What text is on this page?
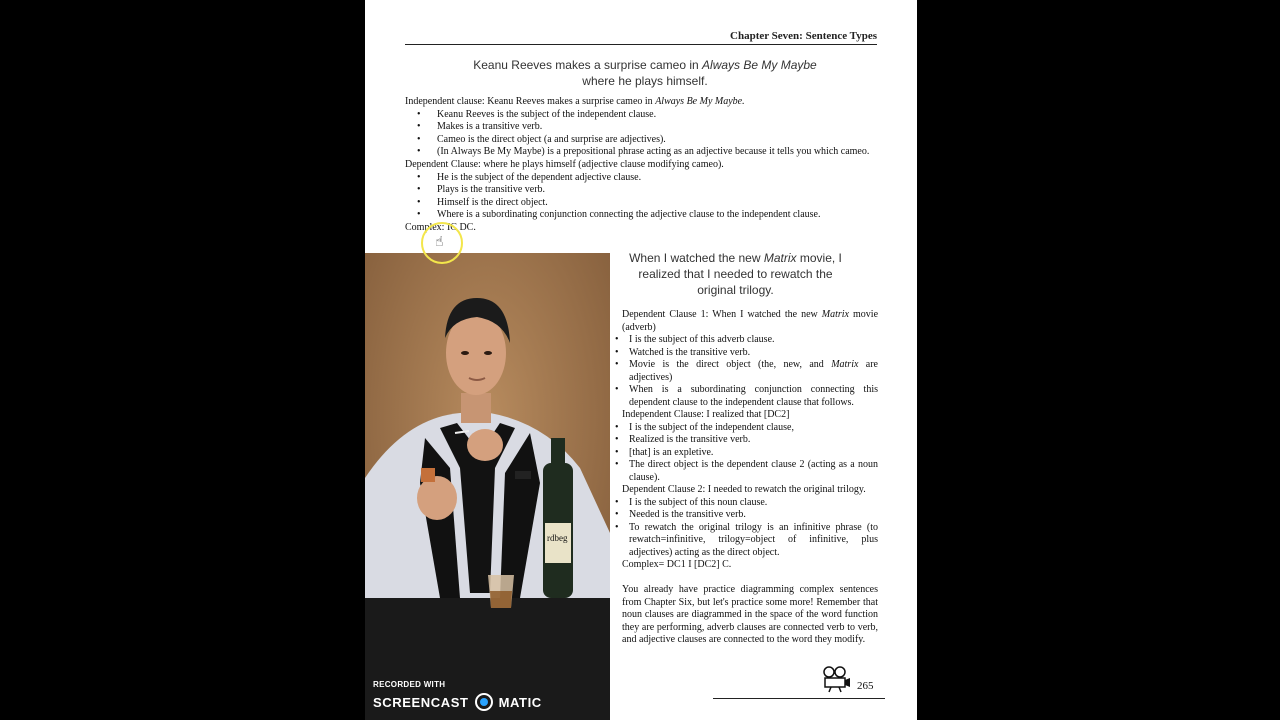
Chapter Seven: Sentence Types
Keanu Reeves makes a surprise cameo in Always Be My Maybe where he plays himself.
Independent clause: Keanu Reeves makes a surprise cameo in Always Be My Maybe.
•	Keanu Reeves is the subject of the independent clause.
•	Makes is a transitive verb.
•	Cameo is the direct object (a and surprise are adjectives).
•	(In Always Be My Maybe) is a prepositional phrase acting as an adjective because it tells you which cameo.
Dependent Clause: where he plays himself (adjective clause modifying cameo).
•	He is the subject of the dependent adjective clause.
•	Plays is the transitive verb.
•	Himself is the direct object.
•	Where is a subordinating conjunction connecting the adjective clause to the independent clause.
Complex: IC DC.
rdbeg
When I watched the new Matrix movie, I realized that I needed to rewatch the original trilogy.
Dependent Clause 1: When I watched the new Matrix movie (adverb)
•	I is the subject of this adverb clause.
•	Watched is the transitive verb.
•	Movie is the direct object (the, new, and Matrix are adjectives)
•	When is a subordinating conjunction connecting this dependent clause to the independent clause that follows.
Independent Clause: I realized that [DC2]
•	I is the subject of the independent clause,
•	Realized is the transitive verb.
•	[that] is an expletive.
•	The direct object is the dependent clause 2 (acting as a noun clause).
Dependent Clause 2: I needed to rewatch the original trilogy.
•	I is the subject of this noun clause.
•	Needed is the transitive verb.
•	To rewatch the original trilogy is an infinitive phrase (to rewatch=infinitive, trilogy=object of infinitive, plus adjectives) acting as the direct object.
Complex= DC1 I [DC2] C.
You already have practice diagramming complex sentences from Chapter Six, but let's practice some more! Remember that noun clauses are diagrammed in the space of the word function they are performing, adverb clauses are connected verb to verb, and adjective clauses are connected to the word they modify.
265
☝
RECORDED WITH
SCREENCAST MATIC
